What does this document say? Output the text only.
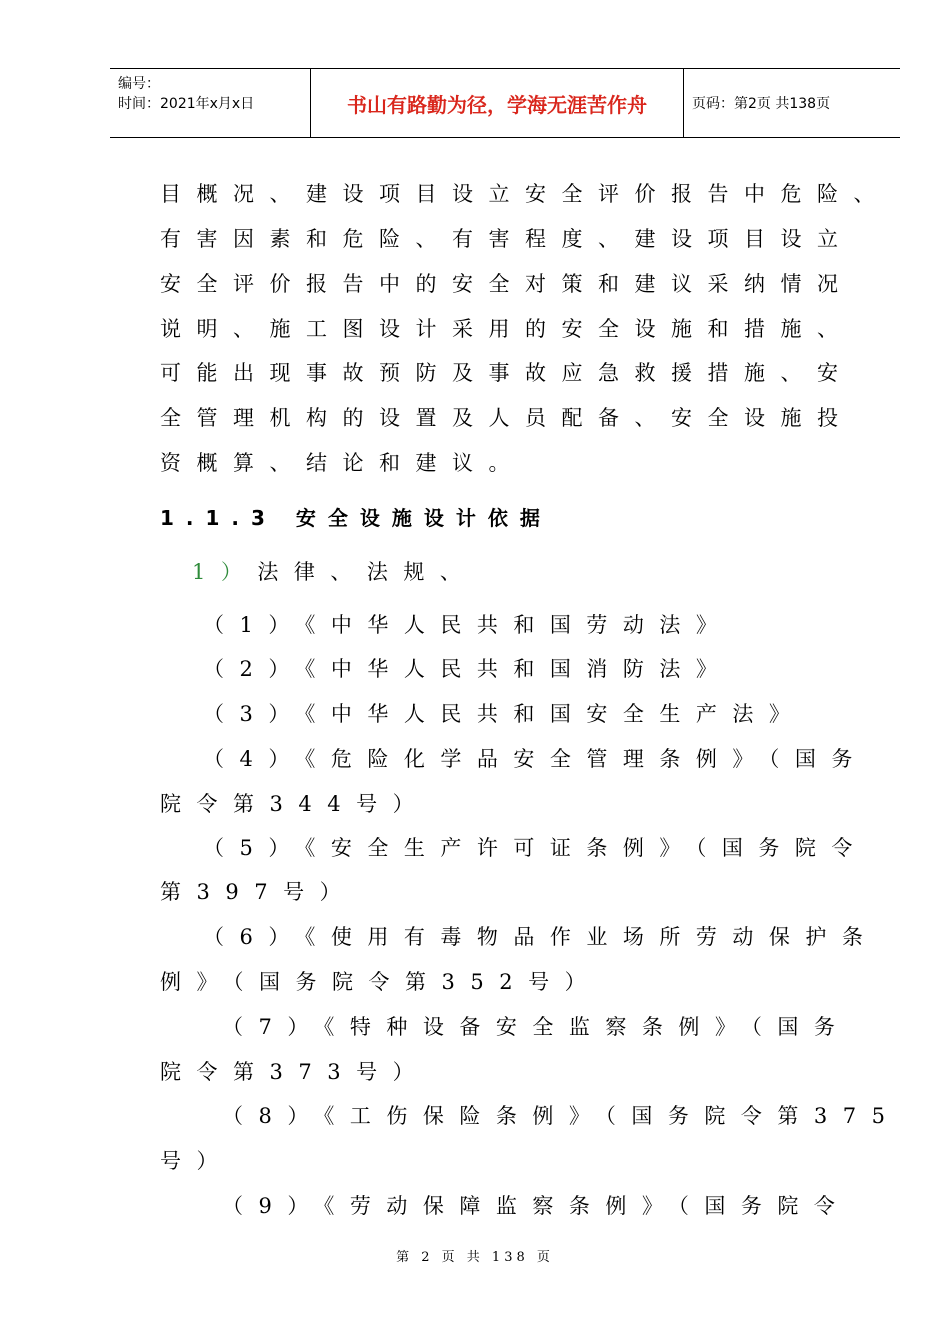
编号：
时间：2021年x月x日	书山有路勤为径，学海无涯苦作舟	页码：第2页 共138页
目概况、建设项目设立安全评价报告中危险、
有害因素和危险、有害程度、建设项目设立
安全评价报告中的安全对策和建议采纳情况
说明、施工图设计采用的安全设施和措施、
可能出现事故预防及事故应急救援措施、安
全管理机构的设置及人员配备、安全设施投
资概算、结论和建议。
1.1.3 安全设施设计依据
1）法律、法规、
（1）《中华人民共和国劳动法》
（2）《中华人民共和国消防法》
（3）《中华人民共和国安全生产法》
（4）《危险化学品安全管理条例》（国务
院令第344号）
（5）《安全生产许可证条例》（国务院令
第397号）
（6）《使用有毒物品作业场所劳动保护条
例》（国务院令第352号）
（7）《特种设备安全监察条例》（国务
院令第373号）
（8）《工伤保险条例》（国务院令第375
号）
（9）《劳动保障监察条例》（国务院令
第 2 页 共 138 页
